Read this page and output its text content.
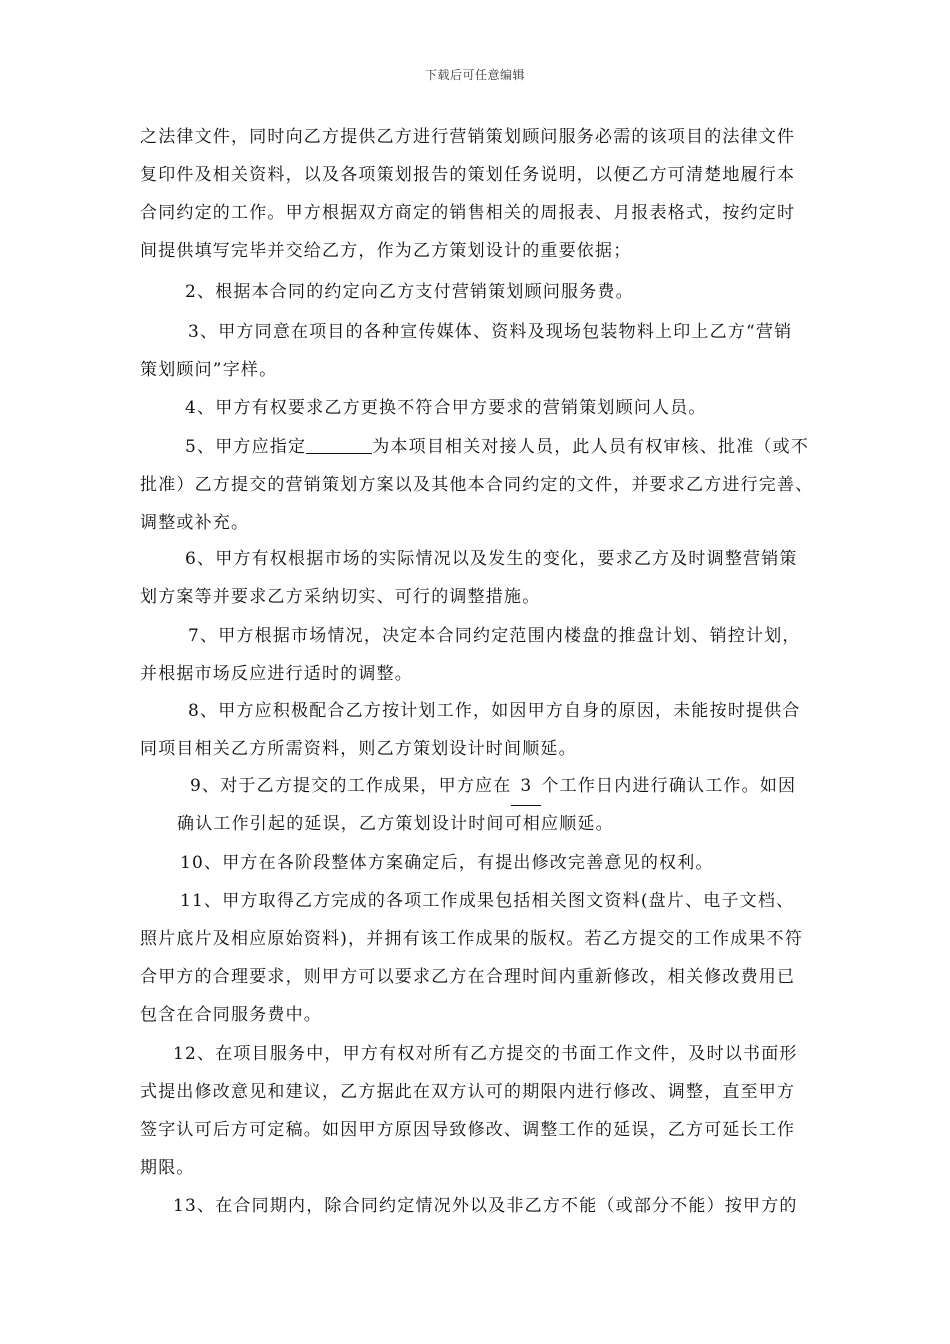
下载后可任意编辑
之法律文件，同时向乙方提供乙方进行营销策划顾问服务必需的该项目的法律文件
复印件及相关资料，以及各项策划报告的策划任务说明，以便乙方可清楚地履行本
合同约定的工作。甲方根据双方商定的销售相关的周报表、月报表格式，按约定时
间提供填写完毕并交给乙方，作为乙方策划设计的重要依据；
2、根据本合同的约定向乙方支付营销策划顾问服务费。
3、甲方同意在项目的各种宣传媒体、资料及现场包装物料上印上乙方“营销
策划顾问”字样。
4、甲方有权要求乙方更换不符合甲方要求的营销策划顾问人员。
5、甲方应指定	为本项目相关对接人员，此人员有权审核、批准（或不
批准）乙方提交的营销策划方案以及其他本合同约定的文件，并要求乙方进行完善、
调整或补充。
6、甲方有权根据市场的实际情况以及发生的变化，要求乙方及时调整营销策
划方案等并要求乙方采纳切实、可行的调整措施。
7、甲方根据市场情况，决定本合同约定范围内楼盘的推盘计划、销控计划，
并根据市场反应进行适时的调整。
8、甲方应积极配合乙方按计划工作，如因甲方自身的原因，未能按时提供合
同项目相关乙方所需资料，则乙方策划设计时间顺延。
9、对于乙方提交的工作成果，甲方应在 3 个工作日内进行确认工作。如因
确认工作引起的延误，乙方策划设计时间可相应顺延。
10、甲方在各阶段整体方案确定后，有提出修改完善意见的权利。
11、甲方取得乙方完成的各项工作成果包括相关图文资料(盘片、电子文档、
照片底片及相应原始资料)，并拥有该工作成果的版权。若乙方提交的工作成果不符
合甲方的合理要求，则甲方可以要求乙方在合理时间内重新修改，相关修改费用已
包含在合同服务费中。
12、在项目服务中，甲方有权对所有乙方提交的书面工作文件，及时以书面形
式提出修改意见和建议，乙方据此在双方认可的期限内进行修改、调整，直至甲方
签字认可后方可定稿。如因甲方原因导致修改、调整工作的延误，乙方可延长工作
期限。
13、在合同期内，除合同约定情况外以及非乙方不能（或部分不能）按甲方的
